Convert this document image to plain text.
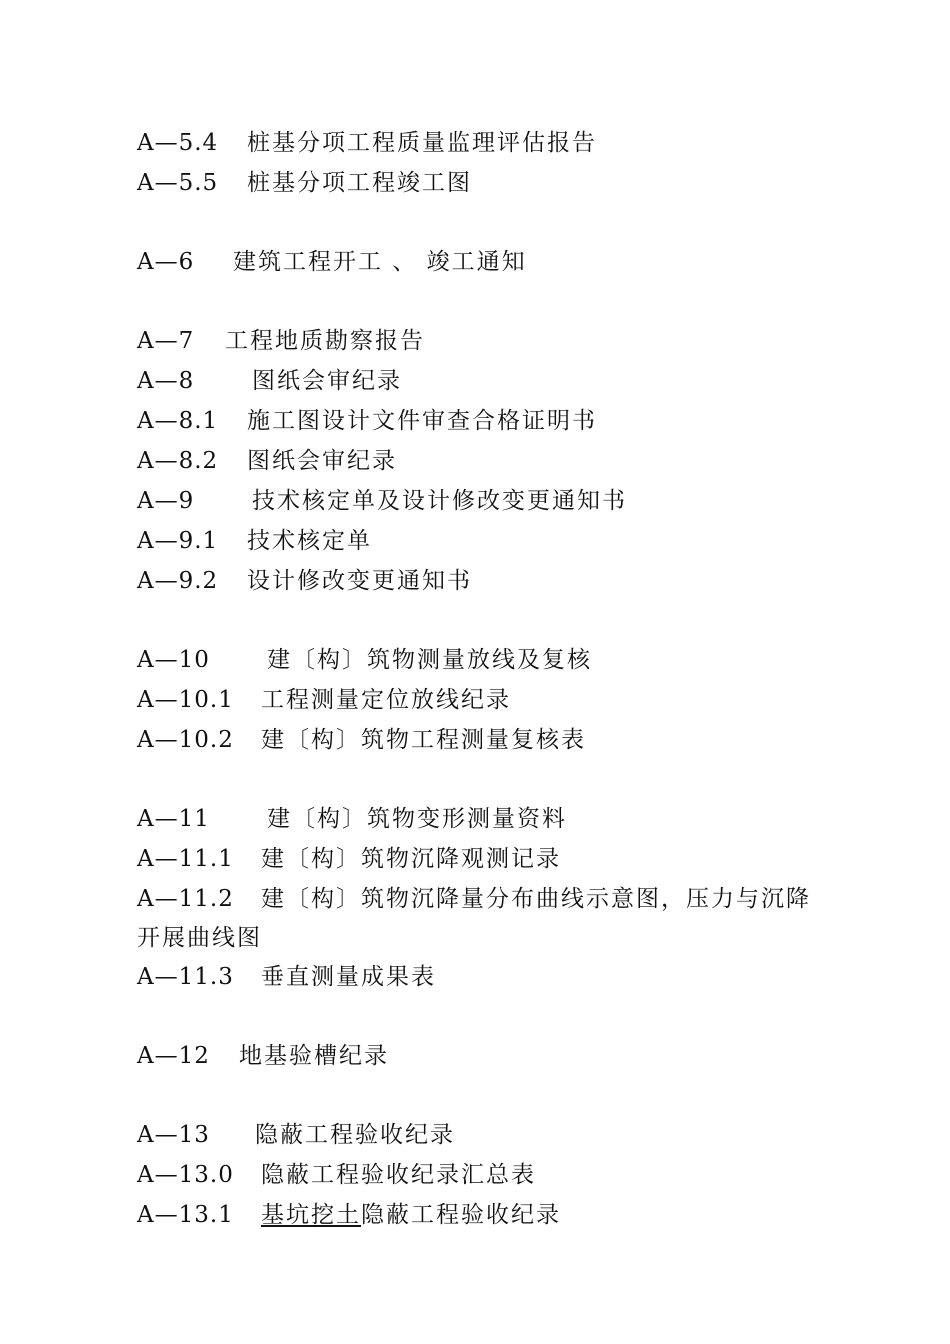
A—5.4 桩基分项工程质量监理评估报告
A—5.5 桩基分项工程竣工图
A—6 建筑工程开工 、 竣工通知
A—7 工程地质勘察报告
A—8	图纸会审纪录
A—8.1 施工图设计文件审查合格证明书
A—8.2 图纸会审纪录
A—9	技术核定单及设计修改变更通知书
A—9.1 技术核定单
A—9.2 设计修改变更通知书
A—10 建〔构〕筑物测量放线及复核
A—10.1 工程测量定位放线纪录
A—10.2 建〔构〕筑物工程测量复核表
A—11 建〔构〕筑物变形测量资料
A—11.1 建〔构〕筑物沉降观测记录
A—11.2 建〔构〕筑物沉降量分布曲线示意图，压力与沉降
开展曲线图
A—11.3 垂直测量成果表
A—12 地基验槽纪录
A—13 隐蔽工程验收纪录
A—13.0 隐蔽工程验收纪录汇总表
A—13.1 基坑挖土隐蔽工程验收纪录
